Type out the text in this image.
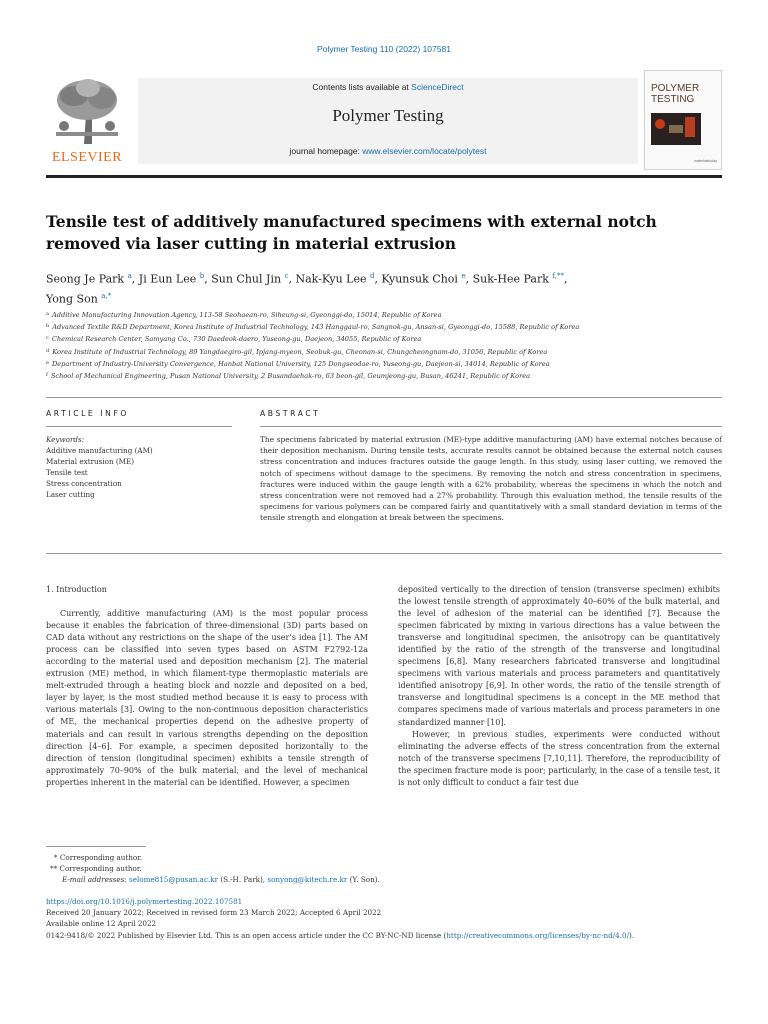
Polymer Testing 110 (2022) 107581
ELSEVIER
Contents lists available at ScienceDirect
Polymer Testing
journal homepage: www.elsevier.com/locate/polytest
POLYMER TESTING
materialstoday
Tensile test of additively manufactured specimens with external notch removed via laser cutting in material extrusion
Seong Je Park $^a$, Ji Eun Lee $^b$, Sun Chul Jin $^c$, Nak-Kyu Lee $^d$, Kyunsuk Choi $^e$, Suk-Hee Park $^{f,**}$,
Yong Son $^{a,*}$
$^a$ Additive Manufacturing Innovation Agency, 113-58 Seohaean-ro, Siheung-si, Gyeonggi-do, 15014, Republic of Korea
$^b$ Advanced Textile R&D Department, Korea Institute of Industrial Technology, 143 Hanggaul-ro, Sangnok-gu, Ansan-si, Gyeonggi-do, 15588, Republic of Korea
$^c$ Chemical Research Center, Samyang Co., 730 Daedeok-daero, Yuseong-gu, Daejeon, 34055, Republic of Korea
$^d$ Korea Institute of Industrial Technology, 89 Yangdaegiro-gil, Ipjang-myeon, Seobuk-gu, Cheonan-si, Chungcheongnam-do, 31056, Republic of Korea
$^e$ Department of Industry-University Convergence, Hanbat National University, 125 Dongseodae-ro, Yuseong-gu, Daejeon-si, 34014, Republic of Korea
$^f$ School of Mechanical Engineering, Pusan National University, 2 Busandaehak-ro, 63 beon-gil, Geumjeong-gu, Busan, 46241, Republic of Korea
ARTICLE INFO	ABSTRACT
Keywords:
Additive manufacturing (AM)
Material extrusion (ME)
Tensile test
Stress concentration
Laser cutting
The specimens fabricated by material extrusion (ME)-type additive manufacturing (AM) have external notches because of their deposition mechanism. During tensile tests, accurate results cannot be obtained because the external notch causes stress concentration and induces fractures outside the gauge length. In this study, using laser cutting, we removed the notch of specimens without damage to the specimens. By removing the notch and stress concentration in specimens, fractures were induced within the gauge length with a 62% probability, whereas the specimens in which the notch and stress concentration were not removed had a 27% probability. Through this evaluation method, the tensile results of the specimens for various polymers can be compared fairly and quantitatively with a small standard deviation in terms of the tensile strength and elongation at break between the specimens.

1. Introduction

Currently, additive manufacturing (AM) is the most popular process because it enables the fabrication of three-dimensional (3D) parts based on CAD data without any restrictions on the shape of the user’s idea [1]. The AM process can be classified into seven types based on ASTM F2792-12a according to the material used and deposition mechanism [2]. The material extrusion (ME) method, in which filament-type thermoplastic materials are melt-extruded through a heating block and nozzle and deposited on a bed, layer by layer, is the most studied method because it is easy to process with various materials [3]. Owing to the non-continuous deposition characteristics of ME, the mechanical properties depend on the adhesive property of materials and can result in various strengths depending on the deposition direction [4–6]. For example, a specimen deposited horizontally to the direction of tension (longitudinal specimen) exhibits a tensile strength of approximately 70–90% of the bulk material, and the level of mechanical properties inherent in the material can be identified. However, a specimen

deposited vertically to the direction of tension (transverse specimen) exhibits the lowest tensile strength of approximately 40–60% of the bulk material, and the level of adhesion of the material can be identified [7]. Because the specimen fabricated by mixing in various directions has a value between the transverse and longitudinal specimen, the anisotropy can be quantitatively identified by the ratio of the strength of the transverse and longitudinal specimens [6,8]. Many researchers fabricated transverse and longitudinal specimens with various materials and process parameters and quantitatively identified anisotropy [6,9]. In other words, the ratio of the tensile strength of transverse and longitudinal specimens is a concept in the ME method that compares specimens made of various materials and process parameters in one standardized manner [10].

However, in previous studies, experiments were conducted without eliminating the adverse effects of the stress concentration from the external notch of the transverse specimens [7,10,11]. Therefore, the reproducibility of the specimen fracture mode is poor; particularly, in the case of a tensile test, it is not only difficult to conduct a fair test due

* Corresponding author.
** Corresponding author.
E-mail addresses: selome815@pusan.ac.kr (S.-H. Park), sonyong@kitech.re.kr (Y. Son).
https://doi.org/10.1016/j.polymertesting.2022.107581
Received 20 January 2022; Received in revised form 23 March 2022; Accepted 6 April 2022
Available online 12 April 2022
0142-9418/© 2022 Published by Elsevier Ltd. This is an open access article under the CC BY-NC-ND license (http://creativecommons.org/licenses/by-nc-nd/4.0/).
